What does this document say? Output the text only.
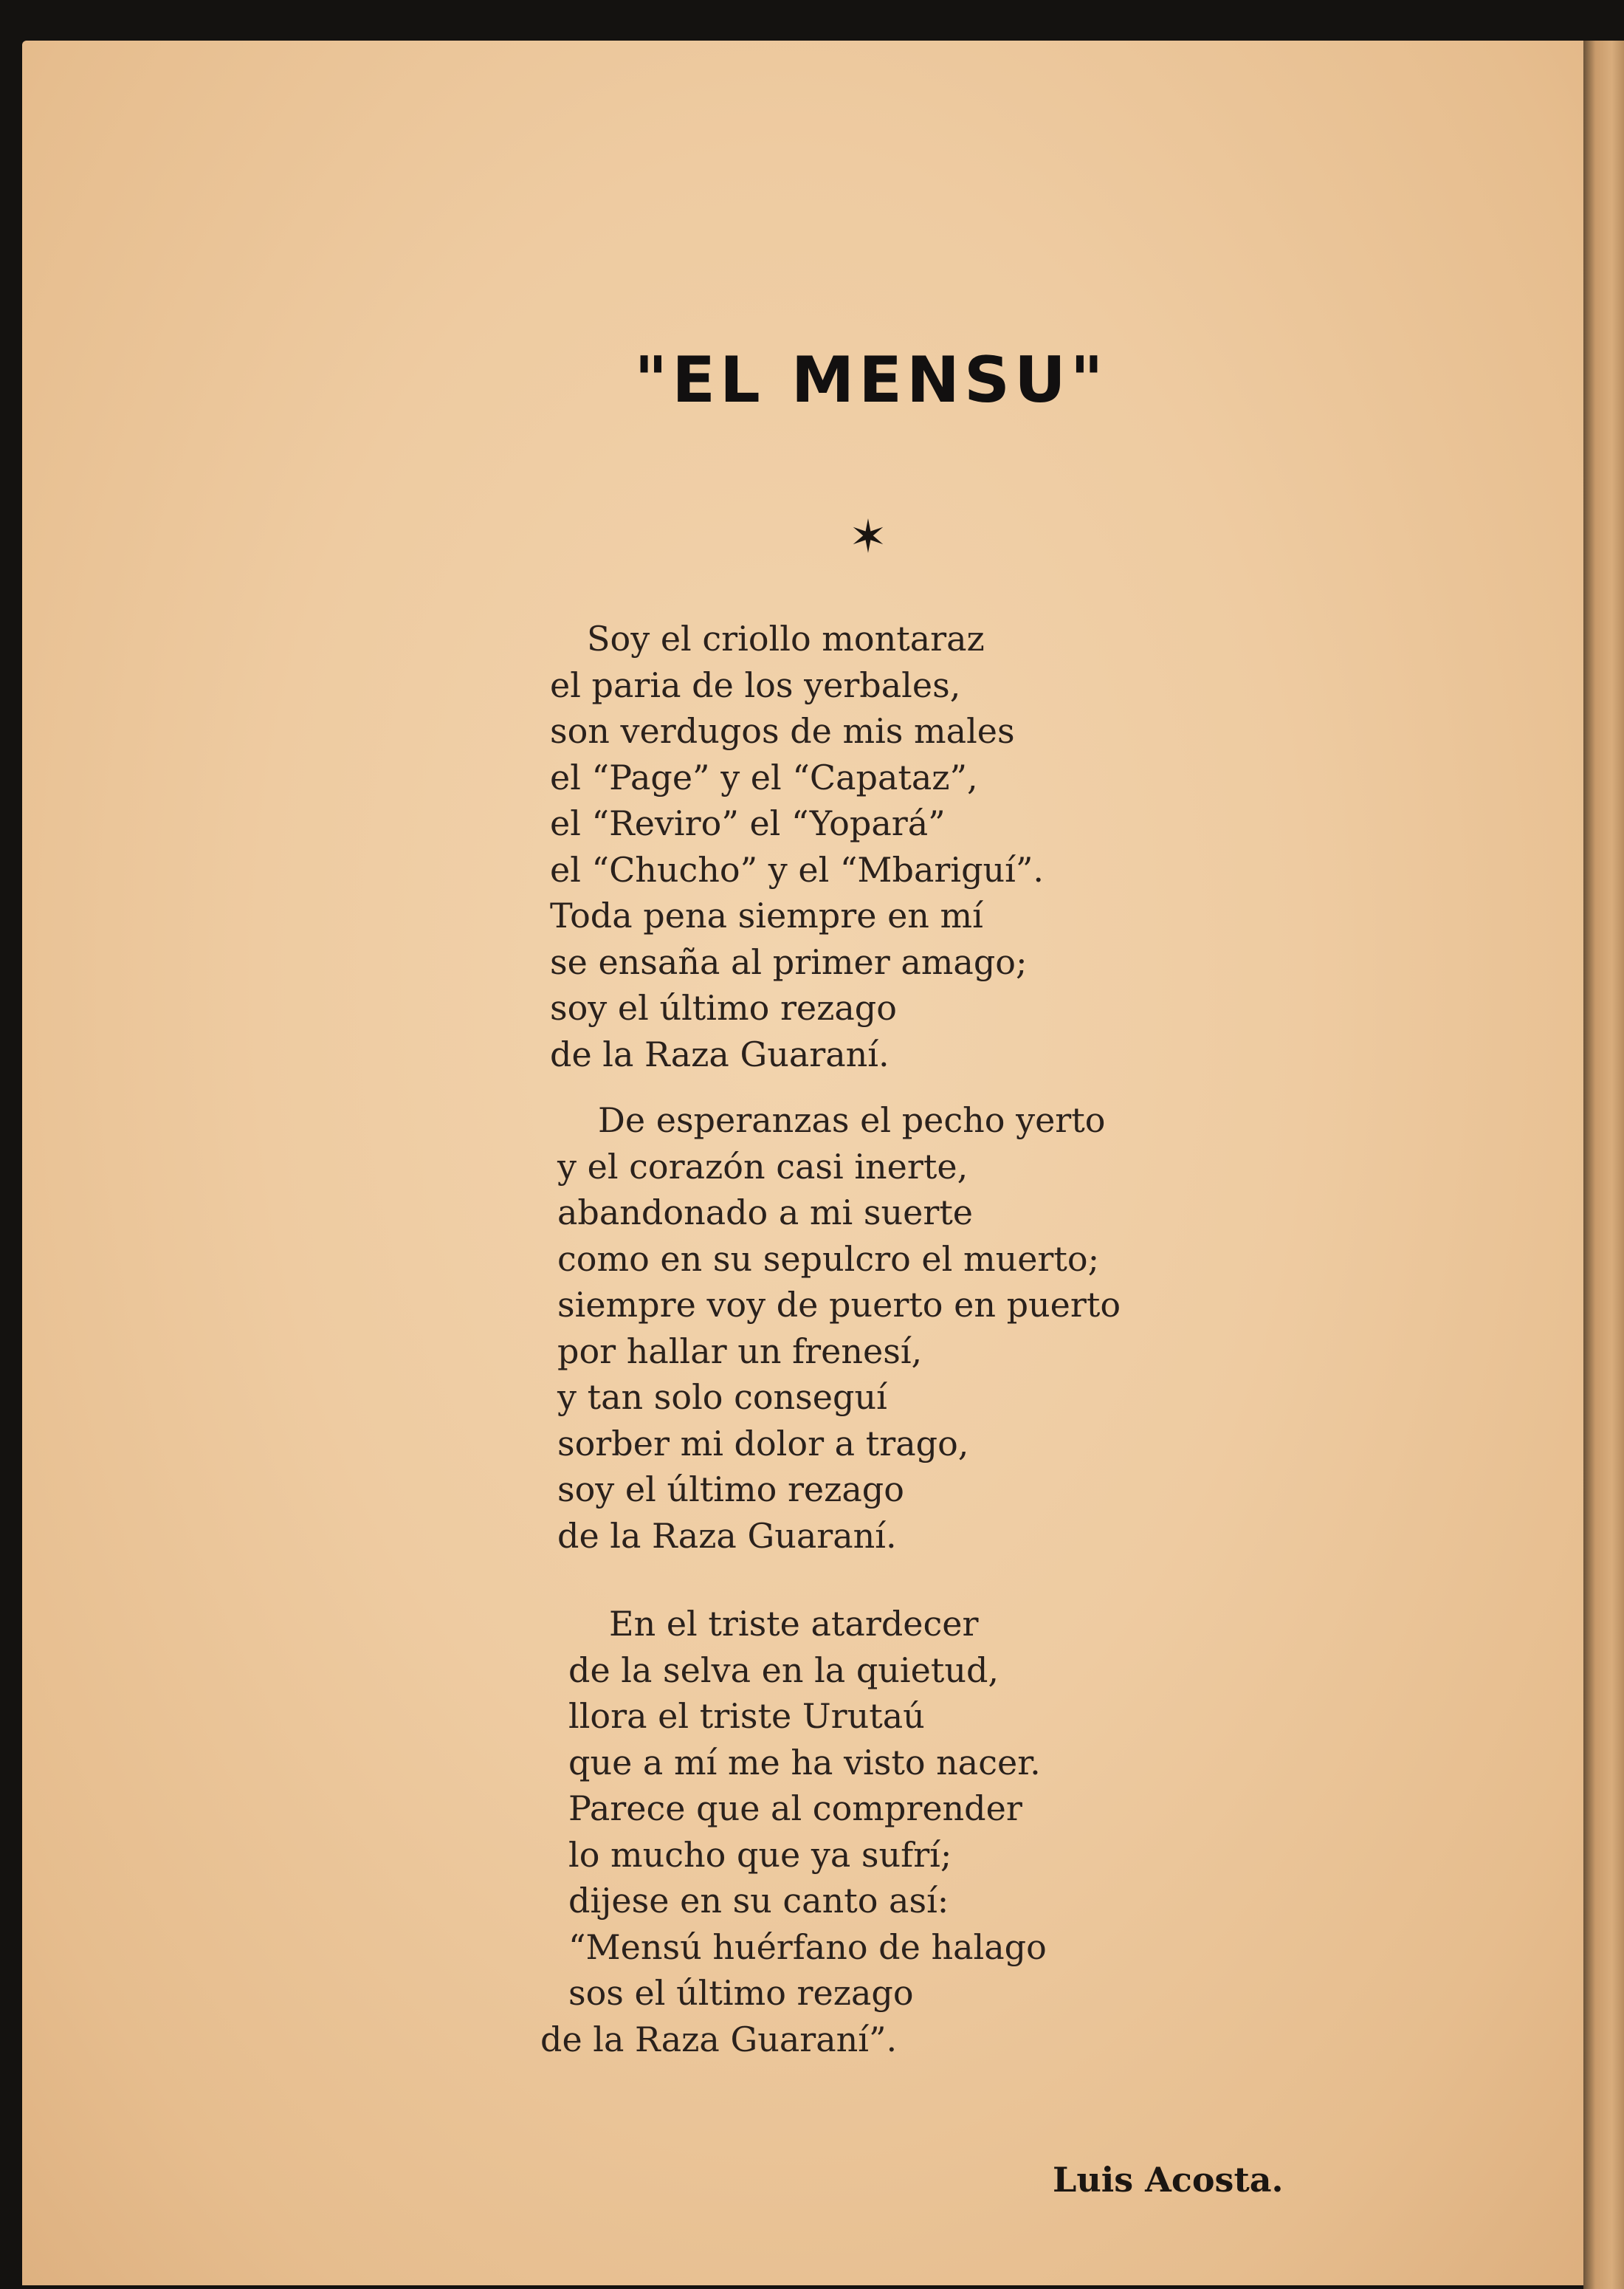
"EL MENSU"
✶
Soy el criollo montaraz
el paria de los yerbales,
son verdugos de mis males
el “Page” y el “Capataz”,
el “Reviro” el “Yopará”
el “Chucho” y el “Mbariguí”.
Toda pena siempre en mí
se ensaña al primer amago;
soy el último rezago
de la Raza Guaraní.
De esperanzas el pecho yerto
y el corazón casi inerte,
abandonado a mi suerte
como en su sepulcro el muerto;
siempre voy de puerto en puerto
por hallar un frenesí,
y tan solo conseguí
sorber mi dolor a trago,
soy el último rezago
de la Raza Guaraní.
En el triste atardecer
de la selva en la quietud,
llora el triste Urutaú
que a mí me ha visto nacer.
Parece que al comprender
lo mucho que ya sufrí;
dijese en su canto así:
“Mensú huérfano de halago
sos el último rezago
de la Raza Guaraní”.
Luis Acosta.
